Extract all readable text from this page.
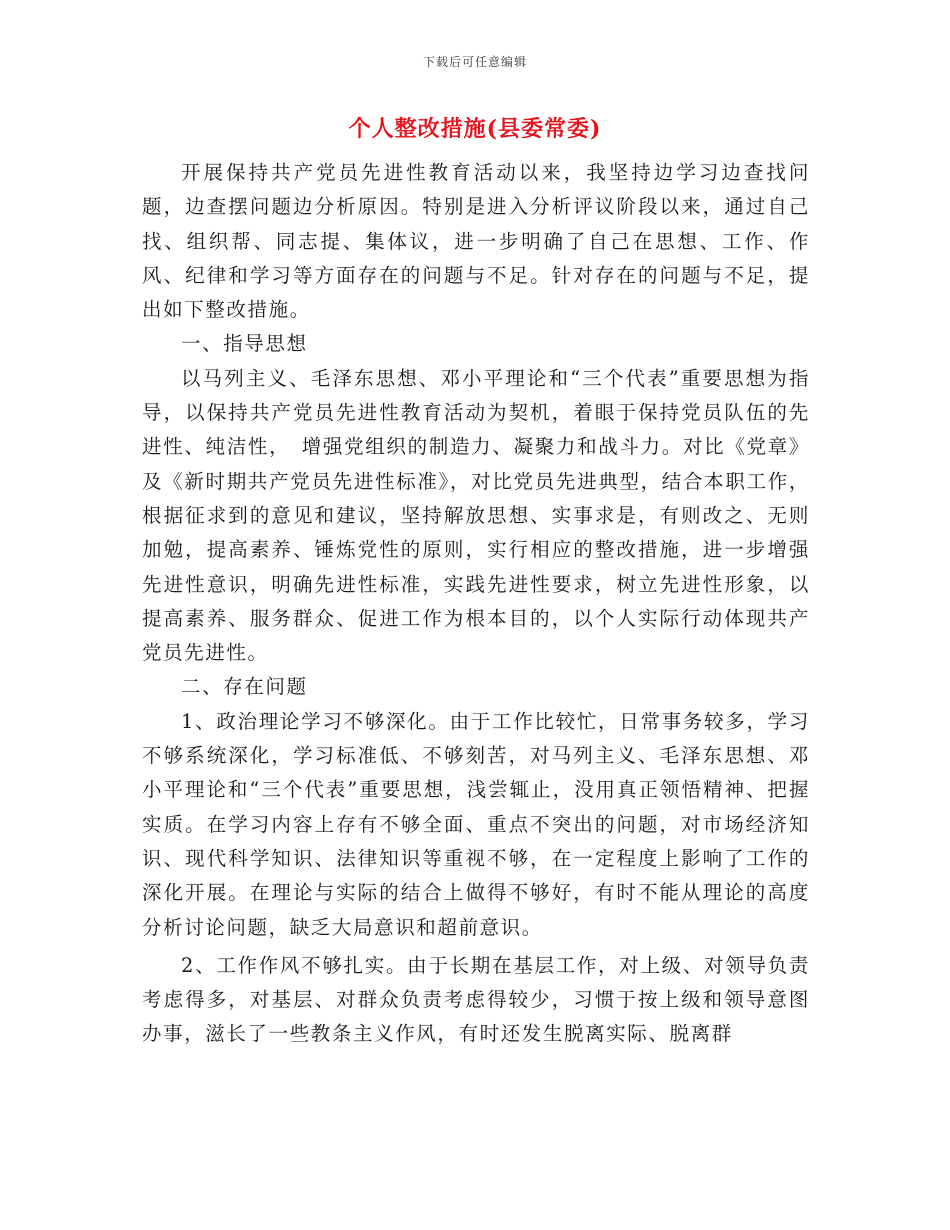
下载后可任意编辑
个人整改措施(县委常委)

开展保持共产党员先进性教育活动以来，我坚持边学习边查找问题，边查摆问题边分析原因。特别是进入分析评议阶段以来，通过自己找、组织帮、同志提、集体议，进一步明确了自己在思想、工作、作风、纪律和学习等方面存在的问题与不足。针对存在的问题与不足，提出如下整改措施。

一、指导思想

以马列主义、毛泽东思想、邓小平理论和“三个代表”重要思想为指导，以保持共产党员先进性教育活动为契机，着眼于保持党员队伍的先进性、纯洁性，　增强党组织的制造力、凝聚力和战斗力。对比《党章》及《新时期共产党员先进性标准》，对比党员先进典型，结合本职工作，根据征求到的意见和建议，坚持解放思想、实事求是，有则改之、无则加勉，提高素养、锤炼党性的原则，实行相应的整改措施，进一步增强先进性意识，明确先进性标准，实践先进性要求，树立先进性形象，以提高素养、服务群众、促进工作为根本目的，以个人实际行动体现共产党员先进性。

二、存在问题

1、政治理论学习不够深化。由于工作比较忙，日常事务较多，学习不够系统深化，学习标准低、不够刻苦，对马列主义、毛泽东思想、邓小平理论和“三个代表”重要思想，浅尝辄止，没用真正领悟精神、把握实质。在学习内容上存有不够全面、重点不突出的问题，对市场经济知识、现代科学知识、法律知识等重视不够，在一定程度上影响了工作的深化开展。在理论与实际的结合上做得不够好，有时不能从理论的高度分析讨论问题，缺乏大局意识和超前意识。

2、工作作风不够扎实。由于长期在基层工作，对上级、对领导负责考虑得多，对基层、对群众负责考虑得较少，习惯于按上级和领导意图办事，滋长了一些教条主义作风，有时还发生脱离实际、脱离群
